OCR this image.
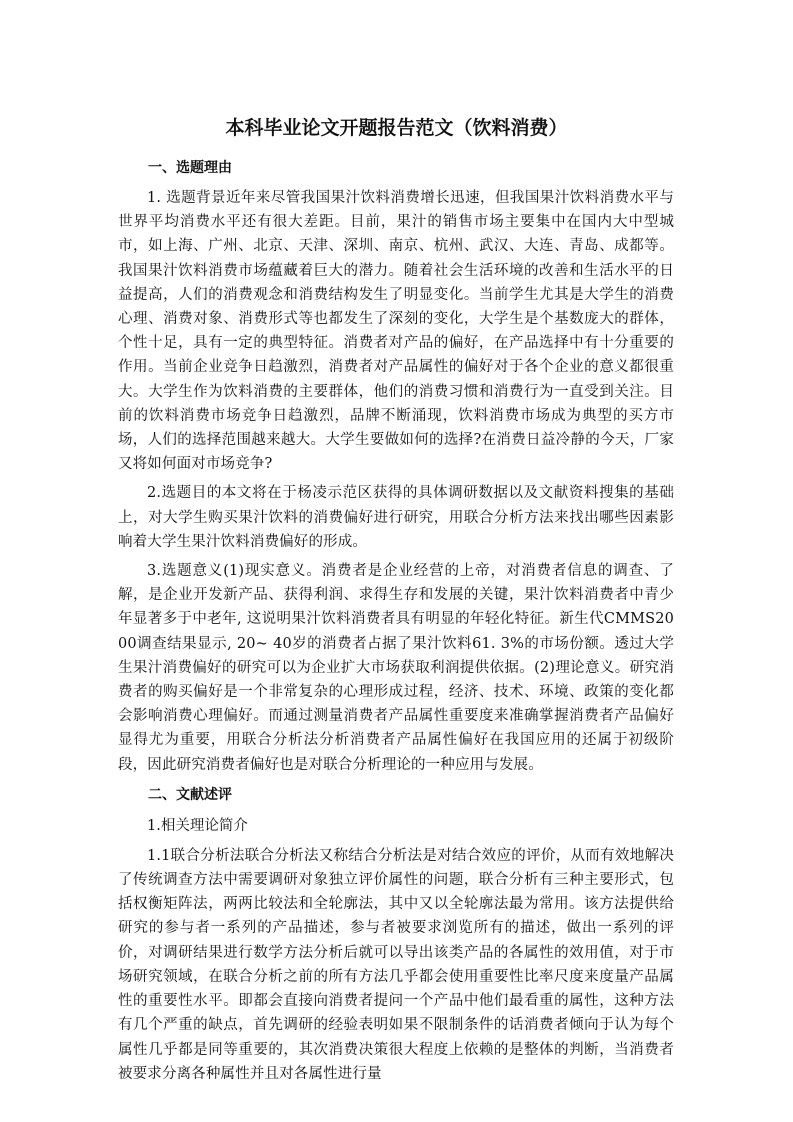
本科毕业论文开题报告范文（饮料消费）
一、选题理由

1. 选题背景近年来尽管我国果汁饮料消费增长迅速，但我国果汁饮料消费水平与世界平均消费水平还有很大差距。目前，果汁的销售市场主要集中在国内大中型城市，如上海、广州、北京、天津、深圳、南京、杭州、武汉、大连、青岛、成都等。我国果汁饮料消费市场蕴藏着巨大的潜力。随着社会生活环境的改善和生活水平的日益提高，人们的消费观念和消费结构发生了明显变化。当前学生尤其是大学生的消费心理、消费对象、消费形式等也都发生了深刻的变化，大学生是个基数庞大的群体，个性十足，具有一定的典型特征。消费者对产品的偏好，在产品选择中有十分重要的作用。当前企业竞争日趋激烈，消费者对产品属性的偏好对于各个企业的意义都很重大。大学生作为饮料消费的主要群体，他们的消费习惯和消费行为一直受到关注。目前的饮料消费市场竞争日趋激烈，品牌不断涌现，饮料消费市场成为典型的买方市场，人们的选择范围越来越大。大学生要做如何的选择?在消费日益冷静的今天，厂家又将如何面对市场竞争?

2.选题目的本文将在于杨凌示范区获得的具体调研数据以及文献资料搜集的基础上，对大学生购买果汁饮料的消费偏好进行研究，用联合分析方法来找出哪些因素影响着大学生果汁饮料消费偏好的形成。

3.选题意义(1)现实意义。消费者是企业经营的上帝，对消费者信息的调查、了解，是企业开发新产品、获得利润、求得生存和发展的关键，果汁饮料消费者中青少年显著多于中老年, 这说明果汁饮料消费者具有明显的年轻化特征。新生代CMMS2000调查结果显示, 20~ 40岁的消费者占据了果汁饮料61. 3%的市场份额。透过大学生果汁消费偏好的研究可以为企业扩大市场获取利润提供依据。(2)理论意义。研究消费者的购买偏好是一个非常复杂的心理形成过程，经济、技术、环境、政策的变化都会影响消费心理偏好。而通过测量消费者产品属性重要度来准确掌握消费者产品偏好显得尤为重要，用联合分析法分析消费者产品属性偏好在我国应用的还属于初级阶段，因此研究消费者偏好也是对联合分析理论的一种应用与发展。

二、文献述评
1.相关理论简介

1.1联合分析法联合分析法又称结合分析法是对结合效应的评价，从而有效地解决了传统调查方法中需要调研对象独立评价属性的问题，联合分析有三种主要形式，包括权衡矩阵法，两两比较法和全轮廓法，其中又以全轮廓法最为常用。该方法提供给研究的参与者一系列的产品描述，参与者被要求浏览所有的描述，做出一系列的评价，对调研结果进行数学方法分析后就可以导出该类产品的各属性的效用值，对于市场研究领域，在联合分析之前的所有方法几乎都会使用重要性比率尺度来度量产品属性的重要性水平。即都会直接向消费者提问一个产品中他们最看重的属性，这种方法有几个严重的缺点，首先调研的经验表明如果不限制条件的话消费者倾向于认为每个属性几乎都是同等重要的，其次消费决策很大程度上依赖的是整体的判断，当消费者被要求分离各种属性并且对各属性进行量
